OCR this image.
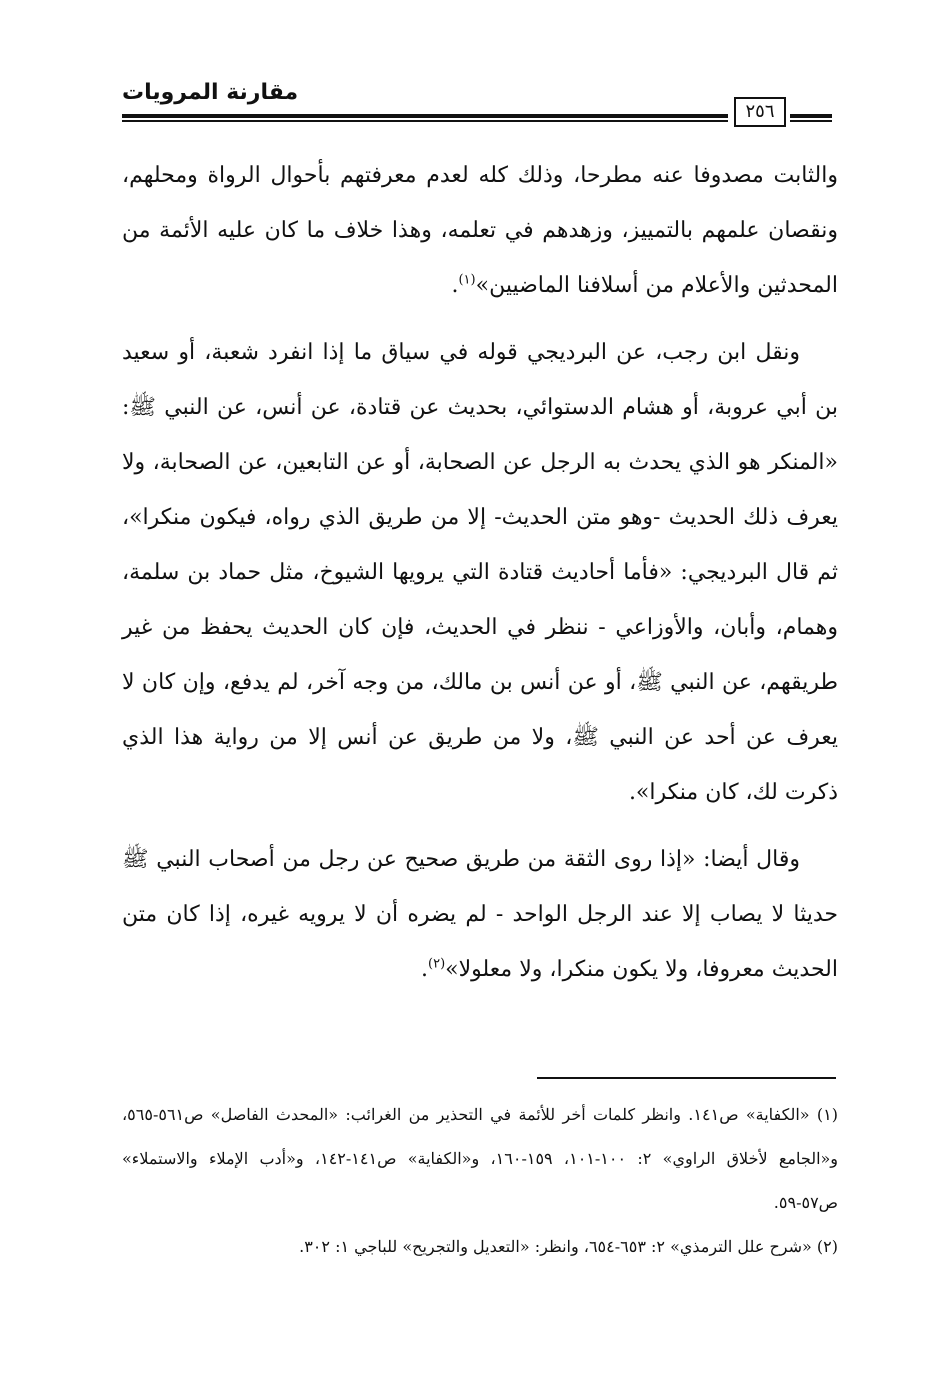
مقارنة المرويات
٢٥٦

والثابت مصدوفا عنه مطرحا، وذلك كله لعدم معرفتهم بأحوال الرواة ومحلهم، ونقصان علمهم بالتمييز، وزهدهم في تعلمه، وهذا خلاف ما كان عليه الأئمة من المحدثين والأعلام من أسلافنا الماضيين»$^{(١)}$.

ونقل ابن رجب، عن البرديجي قوله في سياق ما إذا انفرد شعبة، أو سعيد بن أبي عروبة، أو هشام الدستوائي، بحديث عن قتادة، عن أنس، عن النبي ﷺ: «المنكر هو الذي يحدث به الرجل عن الصحابة، أو عن التابعين، عن الصحابة، ولا يعرف ذلك الحديث -وهو متن الحديث- إلا من طريق الذي رواه، فيكون منكرا»، ثم قال البرديجي: «فأما أحاديث قتادة التي يرويها الشيوخ، مثل حماد بن سلمة، وهمام، وأبان، والأوزاعي - ننظر في الحديث، فإن كان الحديث يحفظ من غير طريقهم، عن النبي ﷺ، أو عن أنس بن مالك، من وجه آخر، لم يدفع، وإن كان لا يعرف عن أحد عن النبي ﷺ، ولا من طريق عن أنس إلا من رواية هذا الذي ذكرت لك، كان منكرا».

وقال أيضا: «إذا روى الثقة من طريق صحيح عن رجل من أصحاب النبي ﷺ حديثا لا يصاب إلا عند الرجل الواحد - لم يضره أن لا يرويه غيره، إذا كان متن الحديث معروفا، ولا يكون منكرا، ولا معلولا»$^{(٢)}$.

(١) «الكفاية» ص١٤١. وانظر كلمات أخر للأئمة في التحذير من الغرائب: «المحدث الفاصل» ص٥٦١-٥٦٥، و«الجامع لأخلاق الراوي» ٢: ١٠٠-١٠١، ١٥٩-١٦٠، و«الكفاية» ص١٤١-١٤٢، و«أدب الإملاء والاستملاء» ص٥٧-٥٩.

(٢) «شرح علل الترمذي» ٢: ٦٥٣-٦٥٤، وانظر: «التعديل والتجريح» للباجي ١: ٣٠٢.
